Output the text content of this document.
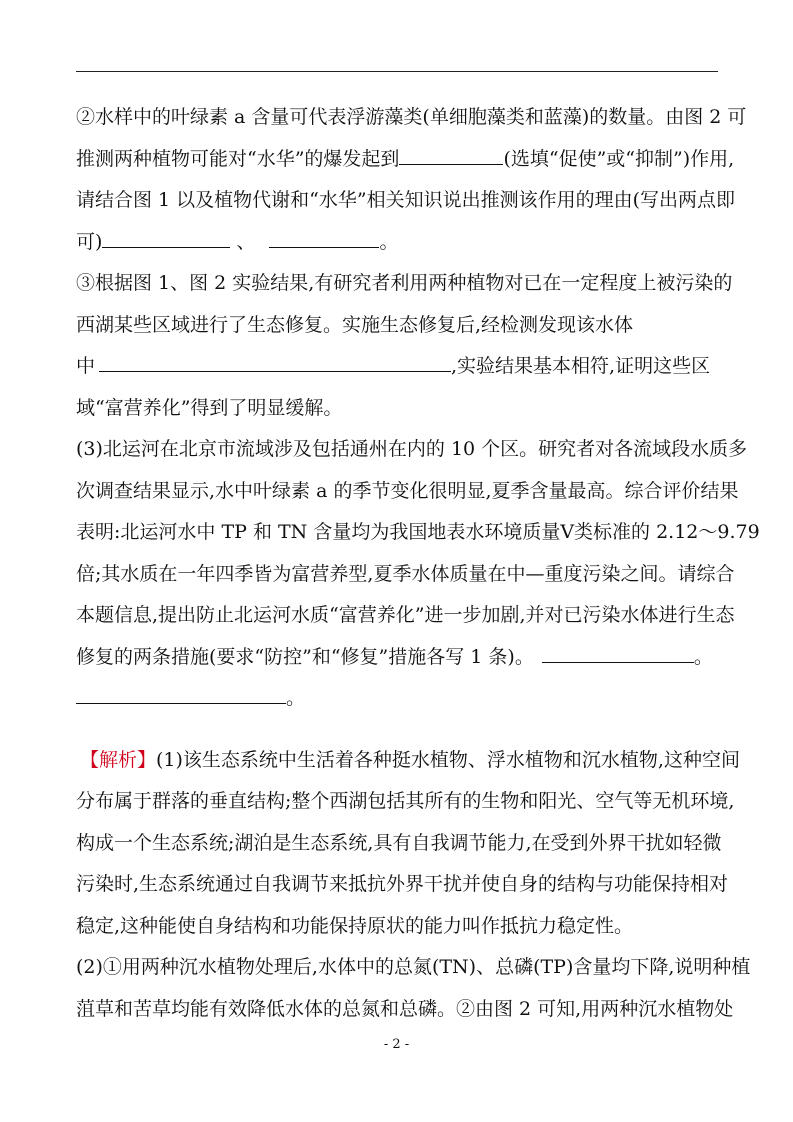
②水样中的叶绿素 a 含量可代表浮游藻类(单细胞藻类和蓝藻)的数量。由图 2 可
推测两种植物可能对“水华”的爆发起到	(选填“促使”或“抑制”)作用,
请结合图 1 以及植物代谢和“水华”相关知识说出推测该作用的理由(写出两点即
可)	、	。
③根据图 1、图 2 实验结果,有研究者利用两种植物对已在一定程度上被污染的
西湖某些区域进行了生态修复。实施生态修复后,经检测发现该水体
中	,实验结果基本相符,证明这些区
域“富营养化”得到了明显缓解。
(3)北运河在北京市流域涉及包括通州在内的 10 个区。研究者对各流域段水质多
次调查结果显示,水中叶绿素 a 的季节变化很明显,夏季含量最高。综合评价结果
表明:北运河水中 TP 和 TN 含量均为我国地表水环境质量Ⅴ类标准的 2.12～9.79
倍;其水质在一年四季皆为富营养型,夏季水体质量在中—重度污染之间。请综合
本题信息,提出防止北运河水质“富营养化”进一步加剧,并对已污染水体进行生态
修复的两条措施(要求“防控”和“修复”措施各写 1 条)。	。
。
【解析】(1)该生态系统中生活着各种挺水植物、浮水植物和沉水植物,这种空间
分布属于群落的垂直结构;整个西湖包括其所有的生物和阳光、空气等无机环境,
构成一个生态系统;湖泊是生态系统,具有自我调节能力,在受到外界干扰如轻微
污染时,生态系统通过自我调节来抵抗外界干扰并使自身的结构与功能保持相对
稳定,这种能使自身结构和功能保持原状的能力叫作抵抗力稳定性。
(2)①用两种沉水植物处理后,水体中的总氮(TN)、总磷(TP)含量均下降,说明种植
菹草和苦草均能有效降低水体的总氮和总磷。②由图 2 可知,用两种沉水植物处
- 2 -
